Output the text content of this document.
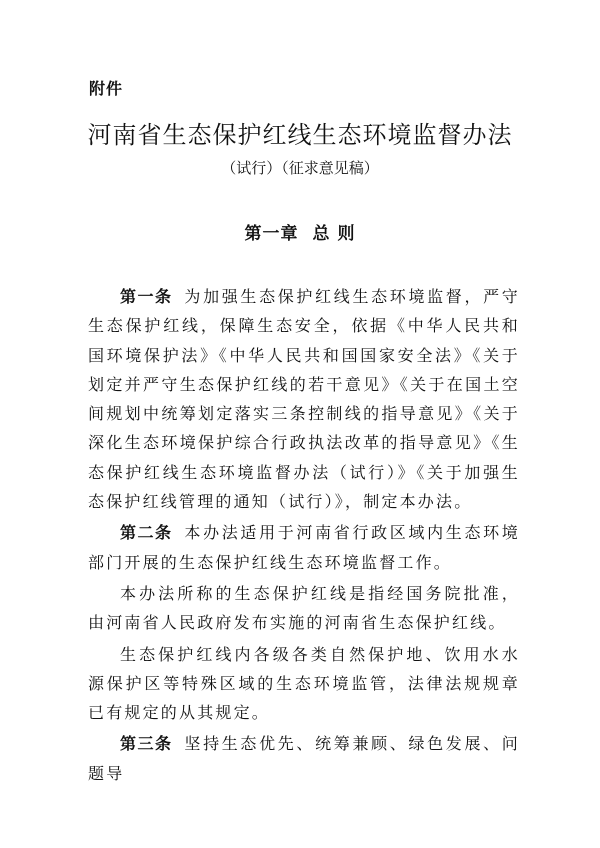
附件
河南省生态保护红线生态环境监督办法
（试行）（征求意见稿）
第一章 总 则

第一条 为加强生态保护红线生态环境监督，严守生态保护红线，保障生态安全，依据《中华人民共和国环境保护法》《中华人民共和国国家安全法》《关于划定并严守生态保护红线的若干意见》《关于在国土空间规划中统筹划定落实三条控制线的指导意见》《关于深化生态环境保护综合行政执法改革的指导意见》《生态保护红线生态环境监督办法（试行）》《关于加强生态保护红线管理的通知（试行）》，制定本办法。

第二条 本办法适用于河南省行政区域内生态环境部门开展的生态保护红线生态环境监督工作。

本办法所称的生态保护红线是指经国务院批准，由河南省人民政府发布实施的河南省生态保护红线。

生态保护红线内各级各类自然保护地、饮用水水源保护区等特殊区域的生态环境监管，法律法规规章已有规定的从其规定。

第三条 坚持生态优先、统筹兼顾、绿色发展、问题导
